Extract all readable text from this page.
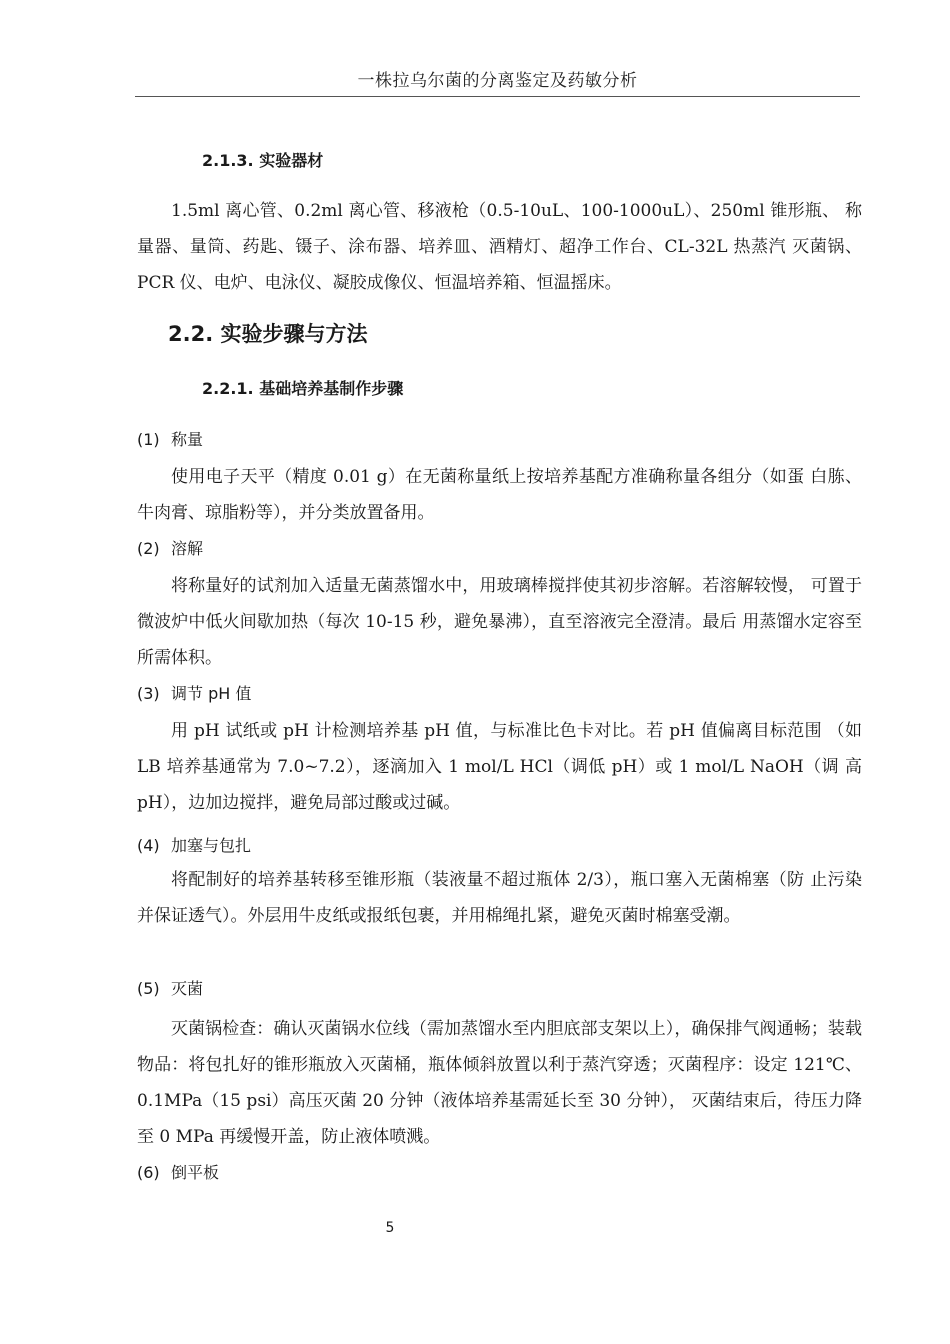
一株拉乌尔菌的分离鉴定及药敏分析
2.1.3. 实验器材
1.5ml 离心管、0.2ml 离心管、移液枪（0.5-10uL、100-1000uL）、250ml 锥形瓶、 称量器、量筒、药匙、镊子、涂布器、培养皿、酒精灯、超净工作台、CL-32L 热蒸汽 灭菌锅、PCR 仪、电炉、电泳仪、凝胶成像仪、恒温培养箱、恒温摇床。
2.2. 实验步骤与方法
2.2.1. 基础培养基制作步骤
(1) 称量
使用电子天平（精度 0.01 g）在无菌称量纸上按培养基配方准确称量各组分（如蛋 白胨、牛肉膏、琼脂粉等），并分类放置备用。
(2) 溶解
将称量好的试剂加入适量无菌蒸馏水中，用玻璃棒搅拌使其初步溶解。若溶解较慢， 可置于微波炉中低火间歇加热（每次 10-15 秒，避免暴沸），直至溶液完全澄清。最后 用蒸馏水定容至所需体积。
(3) 调节 pH 值
用 pH 试纸或 pH 计检测培养基 pH 值，与标准比色卡对比。若 pH 值偏离目标范围 （如 LB 培养基通常为 7.0~7.2），逐滴加入 1 mol/L HCl（调低 pH）或 1 mol/L NaOH（调 高 pH），边加边搅拌，避免局部过酸或过碱。
(4) 加塞与包扎
将配制好的培养基转移至锥形瓶（装液量不超过瓶体 2/3），瓶口塞入无菌棉塞（防 止污染并保证透气）。外层用牛皮纸或报纸包裹，并用棉绳扎紧，避免灭菌时棉塞受潮。
(5) 灭菌
灭菌锅检查：确认灭菌锅水位线（需加蒸馏水至内胆底部支架以上），确保排气阀通畅；装载物品：将包扎好的锥形瓶放入灭菌桶，瓶体倾斜放置以利于蒸汽穿透；灭菌程序：设定 121℃、0.1MPa（15 psi）高压灭菌 20 分钟（液体培养基需延长至 30 分钟）， 灭菌结束后，待压力降至 0 MPa 再缓慢开盖，防止液体喷溅。
(6) 倒平板
5
